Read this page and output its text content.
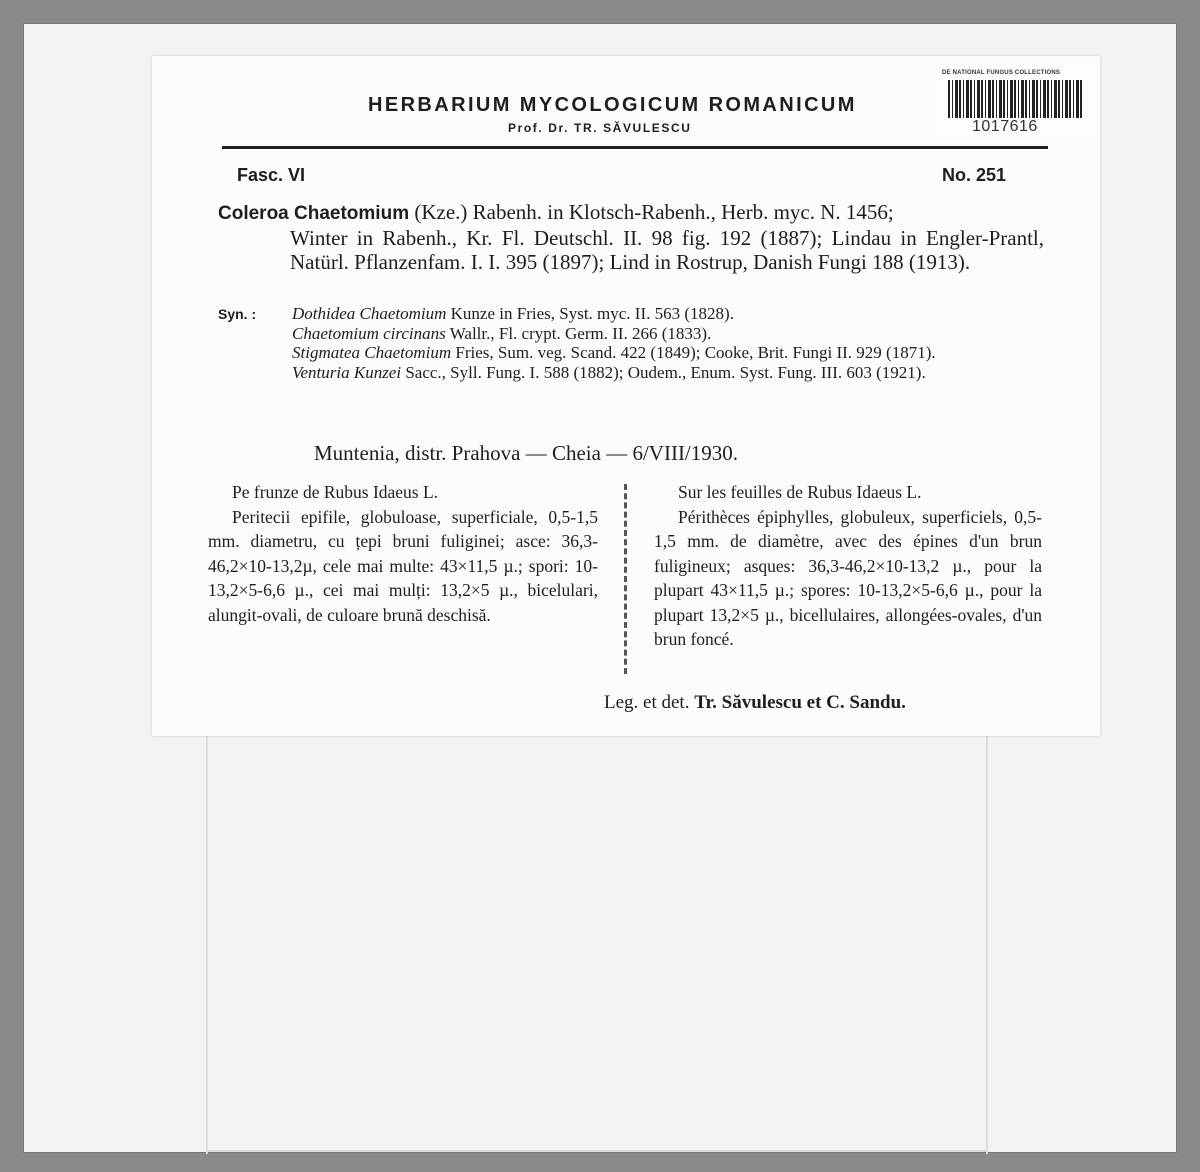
HERBARIUM MYCOLOGICUM ROMANICUM
Prof. Dr. TR. SĂVULESCU
DE NATIONAL FUNGUS COLLECTIONS
1017616
Fasc. VI	No. 251
Coleroa Chaetomium (Kze.) Rabenh. in Klotsch-Rabenh., Herb. myc. N. 1456;
Winter in Rabenh., Kr. Fl. Deutschl. II. 98 fig. 192 (1887); Lindau in Engler-Prantl, Natürl. Pflanzenfam. I. I. 395 (1897); Lind in Rostrup, Danish Fungi 188 (1913).
Syn. : Dothidea Chaetomium Kunze in Fries, Syst. myc. II. 563 (1828).

Chaetomium circinans Wallr., Fl. crypt. Germ. II. 266 (1833).

Stigmatea Chaetomium Fries, Sum. veg. Scand. 422 (1849); Cooke, Brit. Fungi II. 929 (1871).

Venturia Kunzei Sacc., Syll. Fung. I. 588 (1882); Oudem., Enum. Syst. Fung. III. 603 (1921).

Muntenia, distr. Prahova — Cheia — 6/VIII/1930.

Pe frunze de Rubus Idaeus L.

Peritecii epifile, globuloase, superficiale, 0,5-1,5 mm. diametru, cu țepi bruni fuliginei; asce: 36,3-46,2×10-13,2µ, cele mai multe: 43×11,5 µ.; spori: 10-13,2×5-6,6 µ., cei mai mulți: 13,2×5 µ., bicelulari, alungit-ovali, de culoare brună deschisă.

Sur les feuilles de Rubus Idaeus L.

Périthèces épiphylles, globuleux, superficiels, 0,5-1,5 mm. de diamètre, avec des épines d'un brun fuligineux; asques: 36,3-46,2×10-13,2 µ., pour la plupart 43×11,5 µ.; spores: 10-13,2×5-6,6 µ., pour la plupart 13,2×5 µ., bicellulaires, allongées-ovales, d'un brun foncé.

Leg. et det. Tr. Săvulescu et C. Sandu.
